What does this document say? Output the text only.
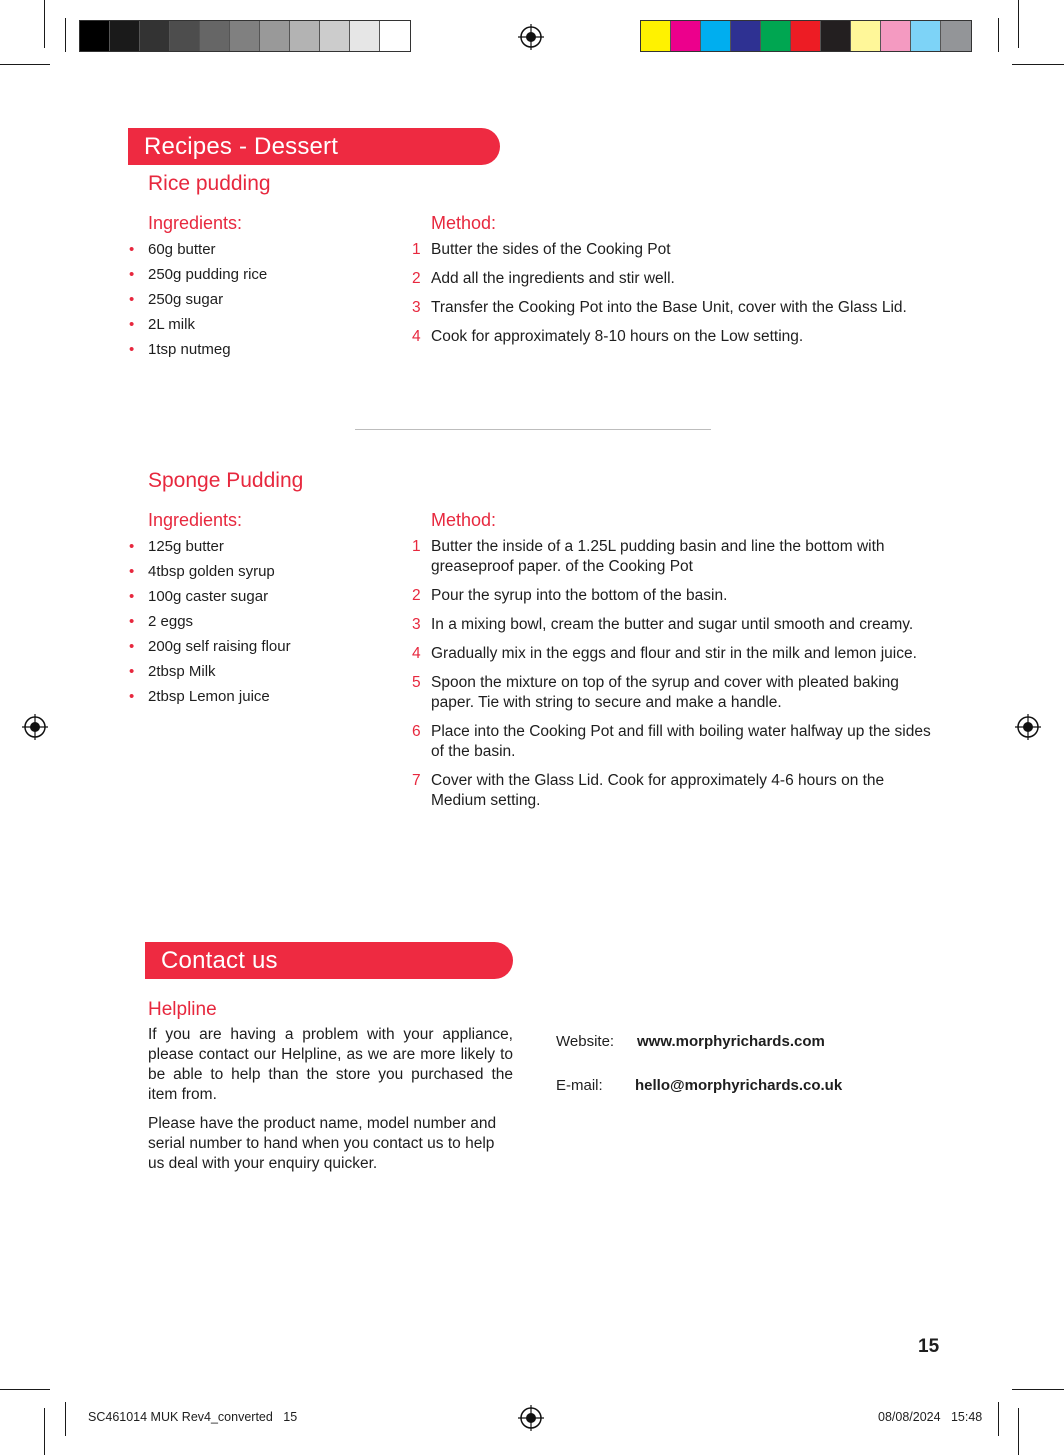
Recipes - Dessert
Rice pudding
Ingredients:
• 60g butter
• 250g pudding rice
• 250g sugar
• 2L milk
• 1tsp nutmeg
Method:
1 Butter the sides of the Cooking Pot
2 Add all the ingredients and stir well.
3 Transfer the Cooking Pot into the Base Unit, cover with the Glass Lid.
4 Cook for approximately 8-10 hours on the Low setting.
Sponge Pudding
Ingredients:
• 125g butter
• 4tbsp golden syrup
• 100g caster sugar
• 2 eggs
• 200g self raising flour
• 2tbsp Milk
• 2tbsp Lemon juice
Method:
1 Butter the inside of a 1.25L pudding basin and line the bottom with greaseproof paper. of the Cooking Pot
2 Pour the syrup into the bottom of the basin.
3 In a mixing bowl, cream the butter and sugar until smooth and creamy.
4 Gradually mix in the eggs and flour and stir in the milk and lemon juice.
5 Spoon the mixture on top of the syrup and cover with pleated baking paper. Tie with string to secure and make a handle.
6 Place into the Cooking Pot and fill with boiling water halfway up the sides of the basin.
7 Cover with the Glass Lid. Cook for approximately 4-6 hours on the Medium setting.
Contact us
Helpline
If you are having a problem with your appliance, please contact our Helpline, as we are more likely to be able to help than the store you purchased the item from.
Please have the product name, model number and serial number to hand when you contact us to help us deal with your enquiry quicker.
Website: www.morphyrichards.com
E-mail: hello@morphyrichards.co.uk
15
SC461014 MUK Rev4_converted   15	08/08/2024   15:48
